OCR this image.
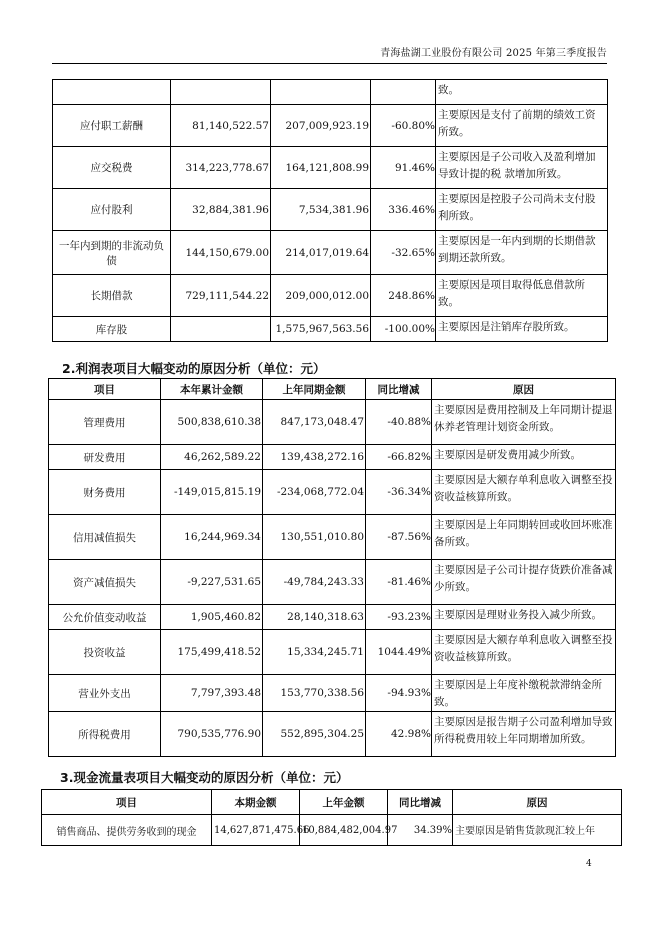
青海盐湖工业股份有限公司 2025 年第三季度报告
				致。
应付职工薪酬	81,140,522.57	207,009,923.19	-60.80%	主要原因是支付了前期的绩效工资所致。
应交税费	314,223,778.67	164,121,808.99	91.46%	主要原因是子公司收入及盈利增加导致计提的税 款增加所致。
应付股利	32,884,381.96	7,534,381.96	336.46%	主要原因是控股子公司尚未支付股利所致。
一年内到期的非流动负债	144,150,679.00	214,017,019.64	-32.65%	主要原因是一年内到期的长期借款到期还款所致。
长期借款	729,111,544.22	209,000,012.00	248.86%	主要原因是项目取得低息借款所致。
库存股		1,575,967,563.56	-100.00%	主要原因是注销库存股所致。
2.利润表项目大幅变动的原因分析（单位：元）
项目	本年累计金额	上年同期金额	同比增减	原因
管理费用	500,838,610.38	847,173,048.47	-40.88%	主要原因是费用控制及上年同期计提退休养老管理计划资金所致。
研发费用	46,262,589.22	139,438,272.16	-66.82%	主要原因是研发费用减少所致。
财务费用	-149,015,815.19	-234,068,772.04	-36.34%	主要原因是大额存单利息收入调整至投资收益核算所致。
信用减值损失	16,244,969.34	130,551,010.80	-87.56%	主要原因是上年同期转回或收回坏账准备所致。
资产减值损失	-9,227,531.65	-49,784,243.33	-81.46%	主要原因是子公司计提存货跌价准备减少所致。
公允价值变动收益	1,905,460.82	28,140,318.63	-93.23%	主要原因是理财业务投入减少所致。
投资收益	175,499,418.52	15,334,245.71	1044.49%	主要原因是大额存单利息收入调整至投资收益核算所致。
营业外支出	7,797,393.48	153,770,338.56	-94.93%	主要原因是上年度补缴税款滞纳金所致。
所得税费用	790,535,776.90	552,895,304.25	42.98%	主要原因是报告期子公司盈利增加导致所得税费用较上年同期增加所致。
3.现金流量表项目大幅变动的原因分析（单位：元）
项目	本期金额	上年金额	同比增减	原因
销售商品、提供劳务收到的现金	14,627,871,475.66	10,884,482,004.97	34.39%	主要原因是销售货款现汇较上年
4
